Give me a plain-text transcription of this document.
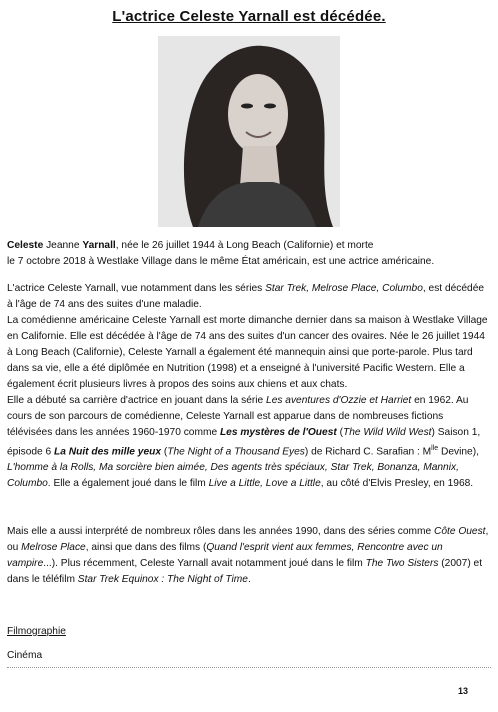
L'actrice Celeste Yarnall est décédée.

Celeste Jeanne Yarnall, née le 26 juillet 1944 à Long Beach (Californie) et morte
le 7 octobre 2018 à Westlake Village dans le même État américain, est une actrice américaine.

L'actrice Celeste Yarnall, vue notamment dans les séries Star Trek, Melrose Place, Columbo, est décédée à l'âge de 74 ans des suites d'une maladie.

La comédienne américaine Celeste Yarnall est morte dimanche dernier dans sa maison à Westlake Village en Californie. Elle est décédée à l'âge de 74 ans des suites d'un cancer des ovaires. Née le 26 juillet 1944 à Long Beach (Californie), Celeste Yarnall a également été mannequin ainsi que porte-parole. Plus tard dans sa vie, elle a été diplômée en Nutrition (1998) et a enseigné à l'université Pacific Western. Elle a également écrit plusieurs livres à propos des soins aux chiens et aux chats.

Elle a débuté sa carrière d'actrice en jouant dans la série Les aventures d'Ozzie et Harriet en 1962. Au cours de son parcours de comédienne, Celeste Yarnall est apparue dans de nombreuses fictions télévisées dans les années 1960-1970 comme Les mystères de l'Ouest (The Wild Wild West) Saison 1, épisode 6 La Nuit des mille yeux (The Night of a Thousand Eyes) de Richard C. Sarafian : $M^{lle}$ Devine), L'homme à la Rolls, Ma sorcière bien aimée, Des agents très spéciaux, Star Trek, Bonanza, Mannix, Columbo. Elle a également joué dans le film Live a Little, Love a Little, au côté d'Elvis Presley, en 1968.

Mais elle a aussi interprété de nombreux rôles dans les années 1990, dans des séries comme Côte Ouest, ou Melrose Place, ainsi que dans des films (Quand l'esprit vient aux femmes, Rencontre avec un vampire...). Plus récemment, Celeste Yarnall avait notamment joué dans le film The Two Sisters (2007) et dans le téléfilm Star Trek Equinox : The Night of Time.

Filmographie
Cinéma
13
